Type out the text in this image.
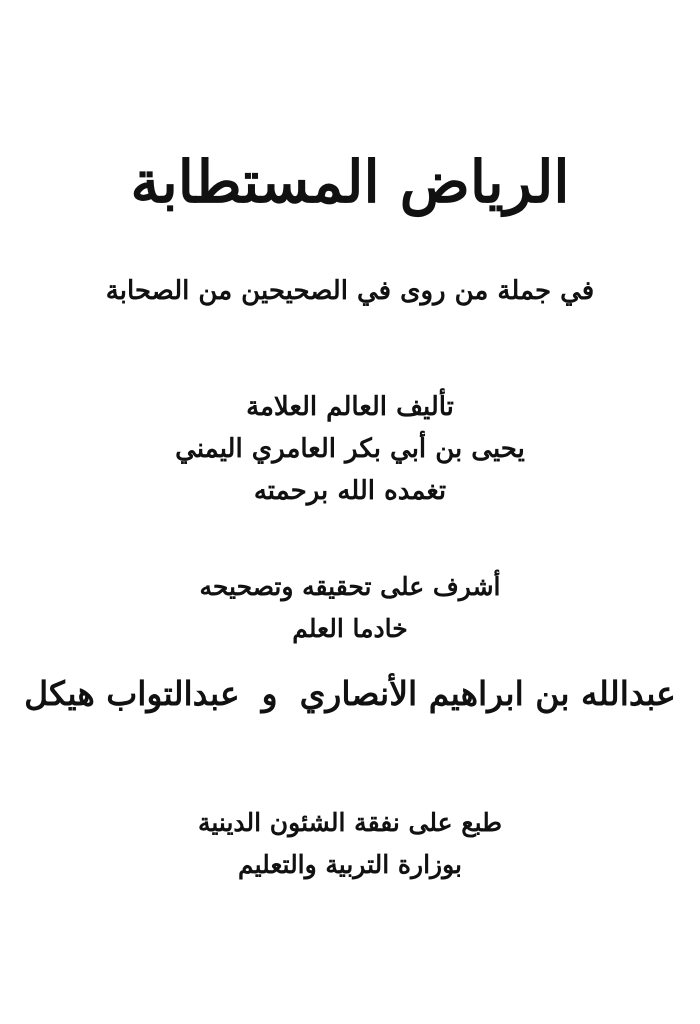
الرياض المستطابة

في جملة من روى في الصحيحين من الصحابة

تأليف العالم العلامة

يحيى بن أبي بكر العامري اليمني

تغمده الله برحمته

أشرف على تحقيقه وتصحيحه

خادما العلم

عبدالله بن ابراهيم الأنصاري
و
عبدالتواب هيكل

طبع على نفقة الشئون الدينية

بوزارة التربية والتعليم
